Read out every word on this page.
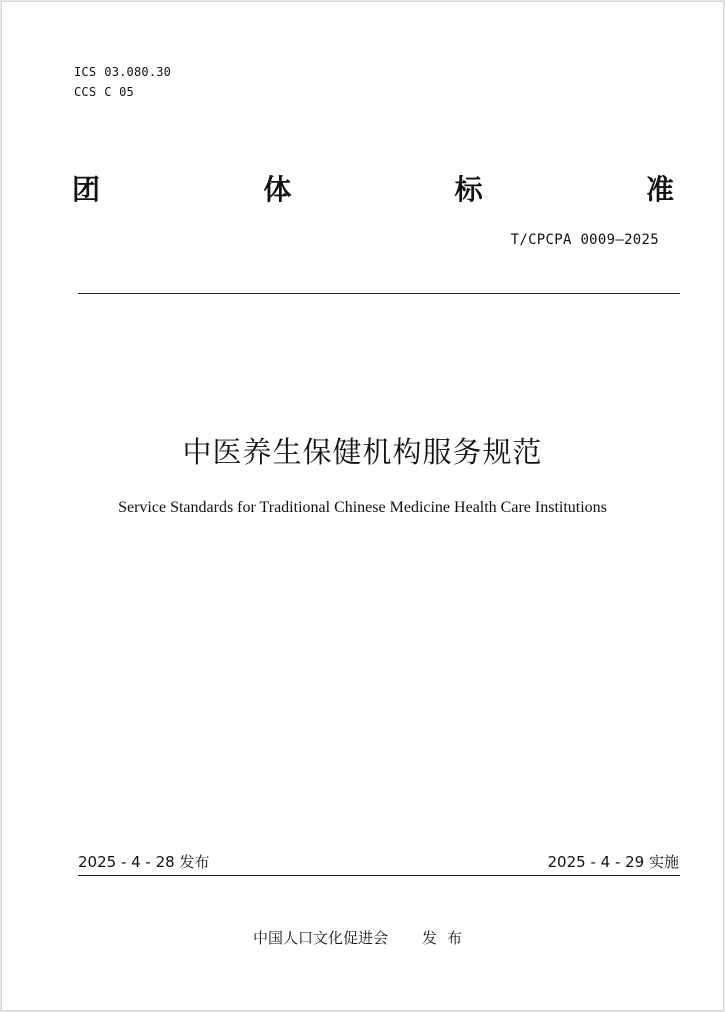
ICS 03.080.30
CCS C 05
团	体	标	准
T/CPCPA 0009—2025
中医养生保健机构服务规范
Service Standards for Traditional Chinese Medicine Health Care Institutions
2025 - 4 - 28 发布	2025 - 4 - 29 实施
中国人口文化促进会 发布
